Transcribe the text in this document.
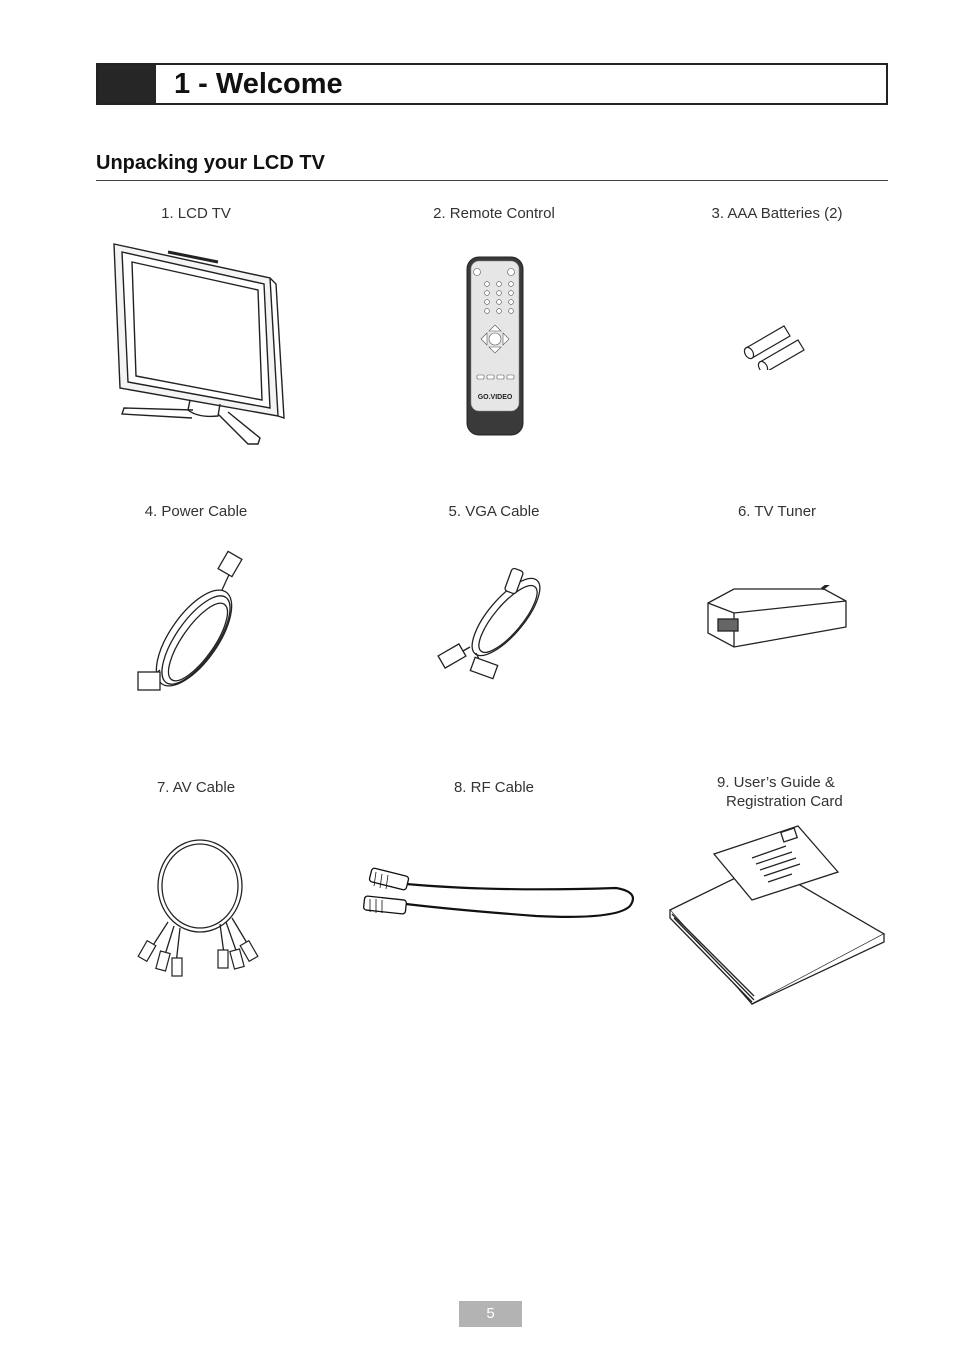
1 - Welcome
Unpacking your LCD TV
1. LCD TV	2. Remote Control	3. AAA Batteries (2)
4. Power Cable	5. VGA Cable	6. TV Tuner
7. AV Cable	8. RF Cable	9. User’s Guide &
Registration Card
GO.VIDEO
5
